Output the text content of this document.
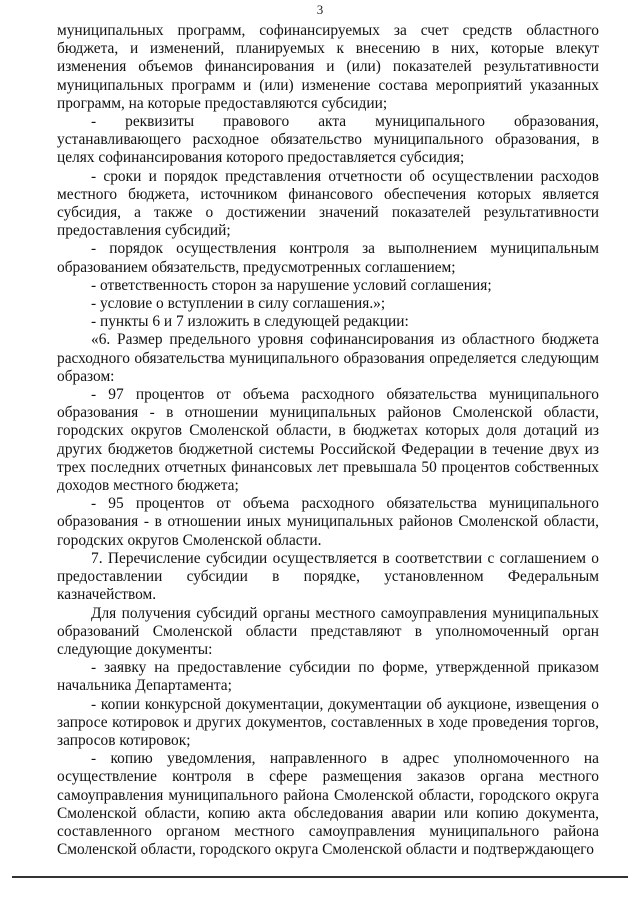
3

муниципальных программ, софинансируемых за счет средств областного бюджета, и изменений, планируемых к внесению в них, которые влекут изменения объемов финансирования и (или) показателей результативности муниципальных программ и (или) изменение состава мероприятий указанных программ, на которые предоставляются субсидии;

- реквизиты правового акта муниципального образования, устанавливающего расходное обязательство муниципального образования, в целях софинансирования которого предоставляется субсидия;

- сроки и порядок представления отчетности об осуществлении расходов местного бюджета, источником финансового обеспечения которых является субсидия, а также о достижении значений показателей результативности предоставления субсидий;

- порядок осуществления контроля за выполнением муниципальным образованием обязательств, предусмотренных соглашением;

- ответственность сторон за нарушение условий соглашения;

- условие о вступлении в силу соглашения.»;

- пункты 6 и 7 изложить в следующей редакции:

«6. Размер предельного уровня софинансирования из областного бюджета расходного обязательства муниципального образования определяется следующим образом:

- 97 процентов от объема расходного обязательства муниципального образования - в отношении муниципальных районов Смоленской области, городских округов Смоленской области, в бюджетах которых доля дотаций из других бюджетов бюджетной системы Российской Федерации в течение двух из трех последних отчетных финансовых лет превышала 50 процентов собственных доходов местного бюджета;

- 95 процентов от объема расходного обязательства муниципального образования - в отношении иных муниципальных районов Смоленской области, городских округов Смоленской области.

7. Перечисление субсидии осуществляется в соответствии с соглашением о предоставлении субсидии в порядке, установленном Федеральным казначейством.

Для получения субсидий органы местного самоуправления муниципальных образований Смоленской области представляют в уполномоченный орган следующие документы:

- заявку на предоставление субсидии по форме, утвержденной приказом начальника Департамента;

- копии конкурсной документации, документации об аукционе, извещения о запросе котировок и других документов, составленных в ходе проведения торгов, запросов котировок;

- копию уведомления, направленного в адрес уполномоченного на осуществление контроля в сфере размещения заказов органа местного самоуправления муниципального района Смоленской области, городского округа Смоленской области, копию акта обследования аварии или копию документа, составленного органом местного самоуправления муниципального района Смоленской области, городского округа Смоленской области и подтверждающего
